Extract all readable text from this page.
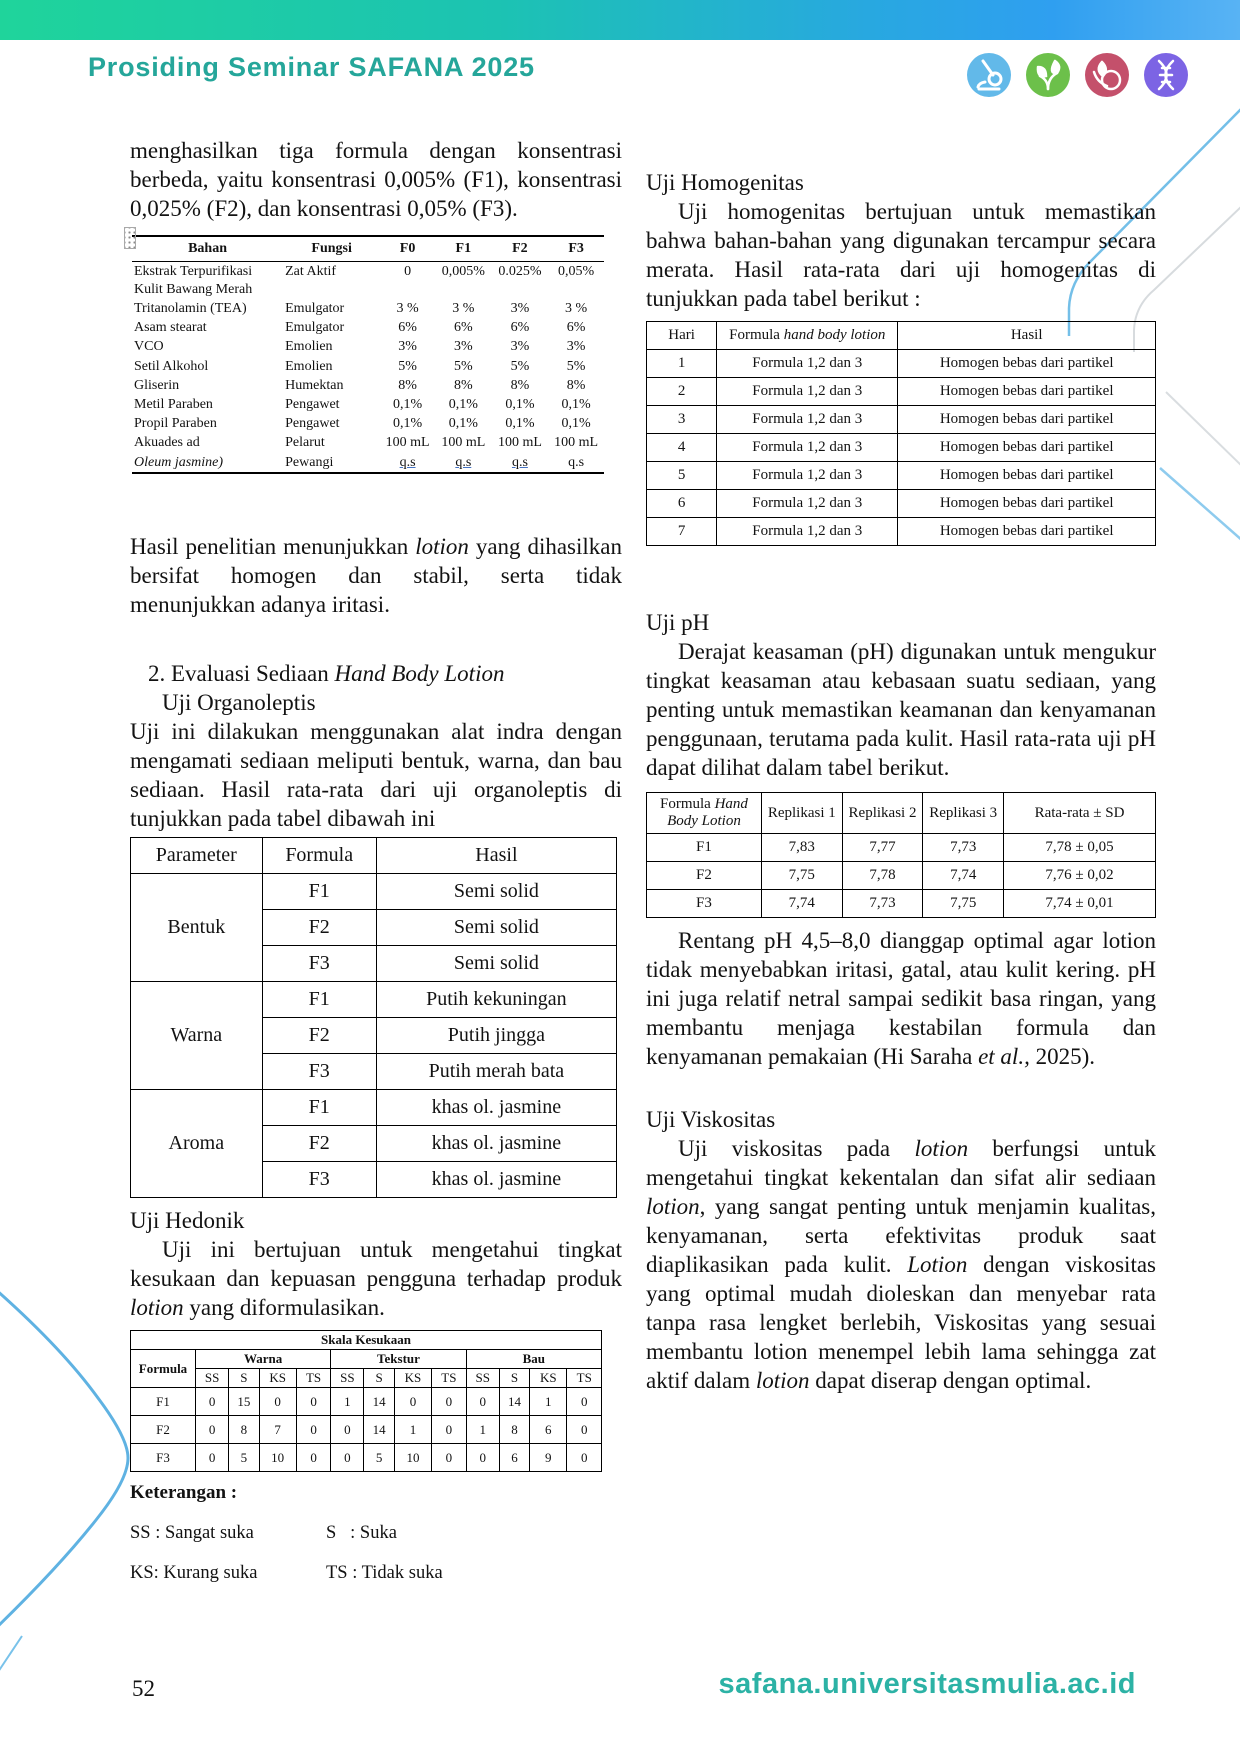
Prosiding Seminar SAFANA 2025

menghasilkan tiga formula dengan konsentrasi berbeda, yaitu konsentrasi 0,005% (F1), konsentrasi 0,025% (F2), dan konsentrasi 0,05% (F3).

Bahan	Fungsi	F0	F1	F2	F3
Ekstrak Terpurifikasi Kulit Bawang Merah	Zat Aktif	0	0,005%	0.025%	0,05%
Tritanolamin (TEA)	Emulgator	3 %	3 %	3%	3 %
Asam stearat	Emulgator	6%	6%	6%	6%
VCO	Emolien	3%	3%	3%	3%
Setil Alkohol	Emolien	5%	5%	5%	5%
Gliserin	Humektan	8%	8%	8%	8%
Metil Paraben	Pengawet	0,1%	0,1%	0,1%	0,1%
Propil Paraben	Pengawet	0,1%	0,1%	0,1%	0,1%
Akuades ad	Pelarut	100 mL	100 mL	100 mL	100 mL
Oleum jasmine)	Pewangi	q.s	q.s	q.s	q.s

Hasil penelitian menunjukkan lotion yang dihasilkan bersifat homogen dan stabil, serta tidak menunjukkan adanya iritasi.

2. Evaluasi Sediaan Hand Body Lotion

Uji Organoleptis

Uji ini dilakukan menggunakan alat indra dengan mengamati sediaan meliputi bentuk, warna, dan bau sediaan. Hasil rata-rata dari uji organoleptis di tunjukkan pada tabel dibawah ini

Parameter	Formula	Hasil
Bentuk	F1	Semi solid
	F2	Semi solid
	F3	Semi solid
Warna	F1	Putih kekuningan
	F2	Putih jingga
	F3	Putih merah bata
Aroma	F1	khas ol. jasmine
	F2	khas ol. jasmine
	F3	khas ol. jasmine

Uji Hedonik

Uji ini bertujuan untuk mengetahui tingkat kesukaan dan kepuasan pengguna terhadap produk lotion yang diformulasikan.

Skala Kesukaan												
Formula	Warna				Tekstur				Bau			
	SS	S	KS	TS	SS	S	KS	TS	SS	S	KS	TS
F1	0	15	0	0	1	14	0	0	0	14	1	0
F2	0	8	7	0	0	14	1	0	1	8	6	0
F3	0	5	10	0	0	5	10	0	0	6	9	0

Keterangan :

SS : Sangat suka	S   : Suka

KS: Kurang suka	TS : Tidak suka

Uji Homogenitas

Uji homogenitas bertujuan untuk memastikan bahwa bahan-bahan yang digunakan tercampur secara merata. Hasil rata-rata dari uji homogenitas di tunjukkan pada tabel berikut :

Hari	Formula hand body lotion	Hasil
1	Formula 1,2 dan 3	Homogen bebas dari partikel
2	Formula 1,2 dan 3	Homogen bebas dari partikel
3	Formula 1,2 dan 3	Homogen bebas dari partikel
4	Formula 1,2 dan 3	Homogen bebas dari partikel
5	Formula 1,2 dan 3	Homogen bebas dari partikel
6	Formula 1,2 dan 3	Homogen bebas dari partikel
7	Formula 1,2 dan 3	Homogen bebas dari partikel

Uji pH

Derajat keasaman (pH) digunakan untuk mengukur tingkat keasaman atau kebasaan suatu sediaan, yang penting untuk memastikan keamanan dan kenyamanan penggunaan, terutama pada kulit. Hasil rata-rata uji pH dapat dilihat dalam tabel berikut.

Formula Hand Body Lotion	Replikasi 1	Replikasi 2	Replikasi 3	Rata-rata ± SD
F1	7,83	7,77	7,73	7,78 ± 0,05
F2	7,75	7,78	7,74	7,76 ± 0,02
F3	7,74	7,73	7,75	7,74 ± 0,01

Rentang pH 4,5–8,0 dianggap optimal agar lotion tidak menyebabkan iritasi, gatal, atau kulit kering. pH ini juga relatif netral sampai sedikit basa ringan, yang membantu menjaga kestabilan formula dan kenyamanan pemakaian (Hi Saraha et al., 2025).

Uji Viskositas

Uji viskositas pada lotion berfungsi untuk mengetahui tingkat kekentalan dan sifat alir sediaan lotion, yang sangat penting untuk menjamin kualitas, kenyamanan, serta efektivitas produk saat diaplikasikan pada kulit. Lotion dengan viskositas yang optimal mudah dioleskan dan menyebar rata tanpa rasa lengket berlebih, Viskositas yang sesuai membantu lotion menempel lebih lama sehingga zat aktif dalam lotion dapat diserap dengan optimal.

52	safana.universitasmulia.ac.id
